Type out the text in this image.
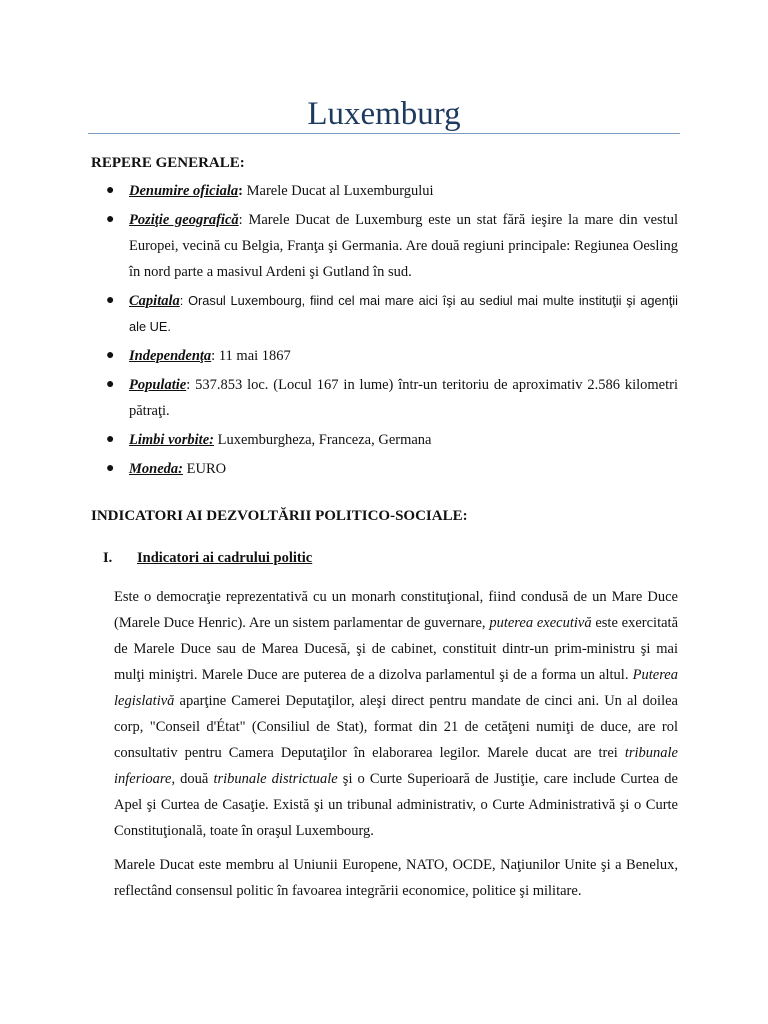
Luxemburg
REPERE GENERALE:
●	Denumire oficiala: Marele Ducat al Luxemburgului
●	Poziţie geografică: Marele Ducat de Luxemburg este un stat fără ieşire la mare din vestul Europei, vecină cu Belgia, Franţa şi Germania. Are două regiuni principale: Regiunea Oesling în nord parte a masivul Ardeni şi Gutland în sud.
●	Capitala: Orasul Luxembourg, fiind cel mai mare aici îşi au sediul mai multe instituţii şi agenţii ale UE.
●	Independenţa: 11 mai 1867
●	Populatie: 537.853 loc. (Locul 167 in lume) într-un teritoriu de aproximativ 2.586 kilometri pătraţi.
●	Limbi vorbite: Luxemburgheza, Franceza, Germana
●	Moneda: EURO
INDICATORI AI DEZVOLTĂRII POLITICO-SOCIALE:
I. Indicatori ai cadrului politic

Este o democraţie reprezentativă cu un monarh constituţional, fiind condusă de un Mare Duce (Marele Duce Henric). Are un sistem parlamentar de guvernare, puterea executivă este exercitată de Marele Duce sau de Marea Ducesă, şi de cabinet, constituit dintr-un prim-ministru şi mai mulţi miniştri. Marele Duce are puterea de a dizolva parlamentul şi de a forma un altul. Puterea legislativă aparţine Camerei Deputaţilor, aleşi direct pentru mandate de cinci ani. Un al doilea corp, "Conseil d'État" (Consiliul de Stat), format din 21 de cetăţeni numiţi de duce, are rol consultativ pentru Camera Deputaţilor în elaborarea legilor. Marele ducat are trei tribunale inferioare, două tribunale districtuale şi o Curte Superioară de Justiţie, care include Curtea de Apel şi Curtea de Casaţie. Există şi un tribunal administrativ, o Curte Administrativă şi o Curte Constituţională, toate în oraşul Luxembourg.

Marele Ducat este membru al Uniunii Europene, NATO, OCDE, Naţiunilor Unite şi a Benelux, reflectând consensul politic în favoarea integrării economice, politice şi militare.
